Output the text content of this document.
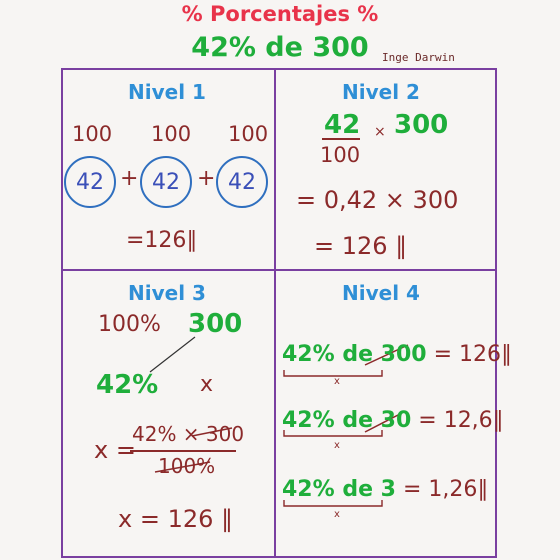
% Porcentajes %
42% de 300	Inge Darwin
Nivel 1
100 100 100
42 + 42 + 42
=126∥
Nivel 2
42
100
× 300
= 0,42 × 300
= 126 ∥
Nivel 3
100% 300
42% x
x =
42% × 300
100%
x = 126 ∥
Nivel 4
42% de 300 = 126∥
x
42% de 30 = 12,6∥
x
42% de 3 = 1,26∥
x
